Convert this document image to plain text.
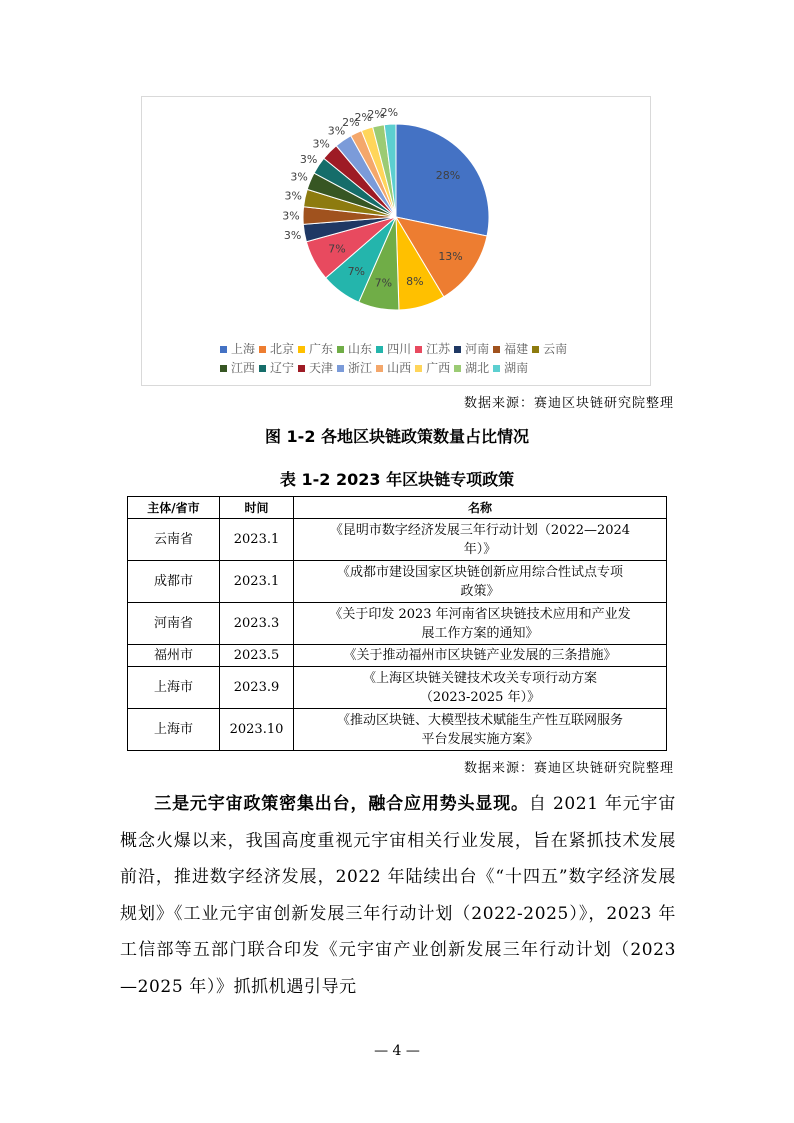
28%
13%
8%
7%
7%
7%
3%
3%
3%
3%
3%
3%
3%
2%
2%
2%
2%
上海 北京 广东 山东 四川 江苏 河南 福建 云南
江西 辽宁 天津 浙江 山西 广西 湖北 湖南
数据来源：赛迪区块链研究院整理
图 1-2 各地区块链政策数量占比情况
表 1-2 2023 年区块链专项政策
主体/省市	时间	名称
云南省	2023.1	《昆明市数字经济发展三年行动计划（2022—2024
年）》

成都市	2023.1	《成都市建设国家区块链创新应用综合性试点专项
政策》

河南省	2023.3	《关于印发 2023 年河南省区块链技术应用和产业发
展工作方案的通知》

福州市	2023.5	《关于推动福州市区块链产业发展的三条措施》

上海市	2023.9	《上海区块链关键技术攻关专项行动方案
（2023-2025 年）》

上海市	2023.10	《推动区块链、大模型技术赋能生产性互联网服务
平台发展实施方案》
数据来源：赛迪区块链研究院整理
三是元宇宙政策密集出台，融合应用势头显现。自 2021 年元宇宙概念火爆以来，我国高度重视元宇宙相关行业发展，旨在紧抓技术发展前沿，推进数字经济发展，2022 年陆续出台《“十四五”数字经济发展规划》《工业元宇宙创新发展三年行动计划（2022-2025）》，2023 年工信部等五部门联合印发《元宇宙产业创新发展三年行动计划（2023—2025 年）》抓抓机遇引导元
— 4 —
